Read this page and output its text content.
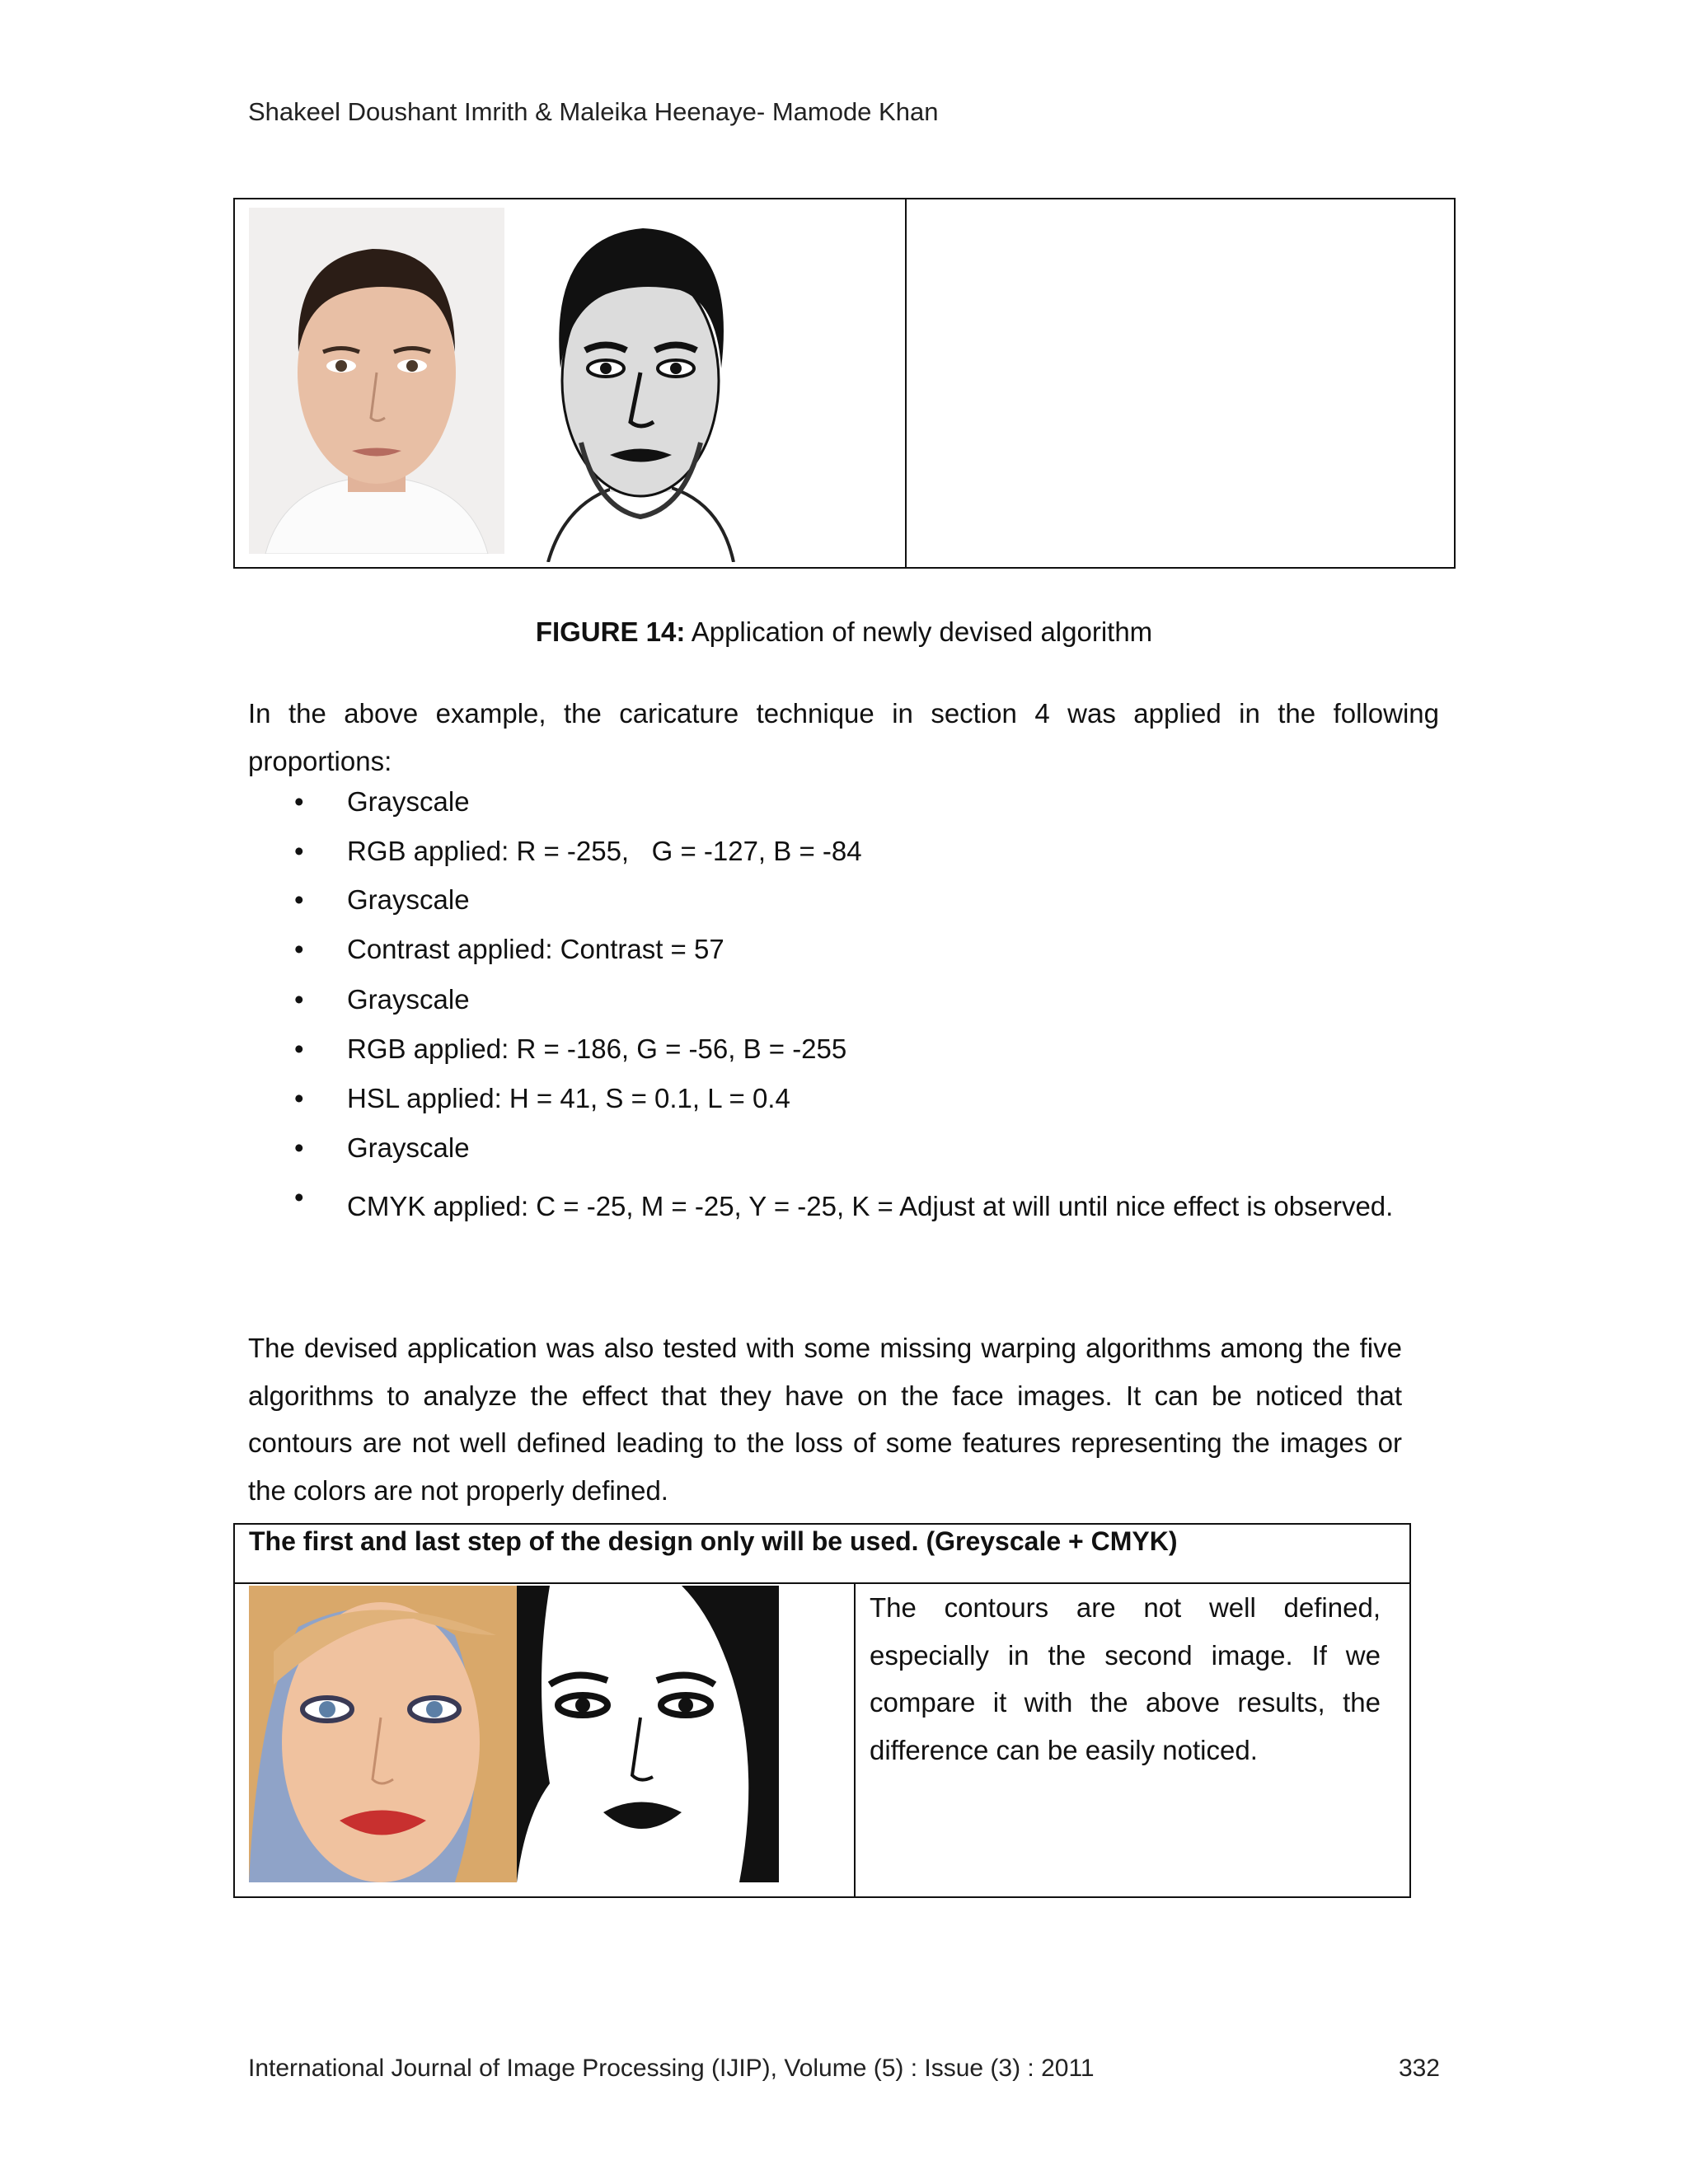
Shakeel Doushant Imrith & Maleika Heenaye- Mamode Khan
FIGURE 14: Application of newly devised algorithm
In the above example, the caricature technique in section 4 was applied in the following proportions:
• Grayscale
• RGB applied: R = -255,   G = -127, B = -84
• Grayscale
• Contrast applied: Contrast = 57
• Grayscale
• RGB applied: R = -186, G = -56, B = -255
• HSL applied: H = 41, S = 0.1, L = 0.4
• Grayscale
• CMYK applied: C = -25, M = -25, Y = -25, K = Adjust at will until nice effect is observed.
The devised application was also tested with some missing warping algorithms among the five algorithms to analyze the effect that they have on the face images. It can be noticed that contours are not well defined leading to the loss of some features representing the images or the colors are not properly defined.
The first and last step of the design only will be used. (Greyscale + CMYK)
The contours are not well defined, especially in the second image. If we compare it with the above results, the difference can be easily noticed.
International Journal of Image Processing (IJIP), Volume (5) : Issue (3) : 2011	332
